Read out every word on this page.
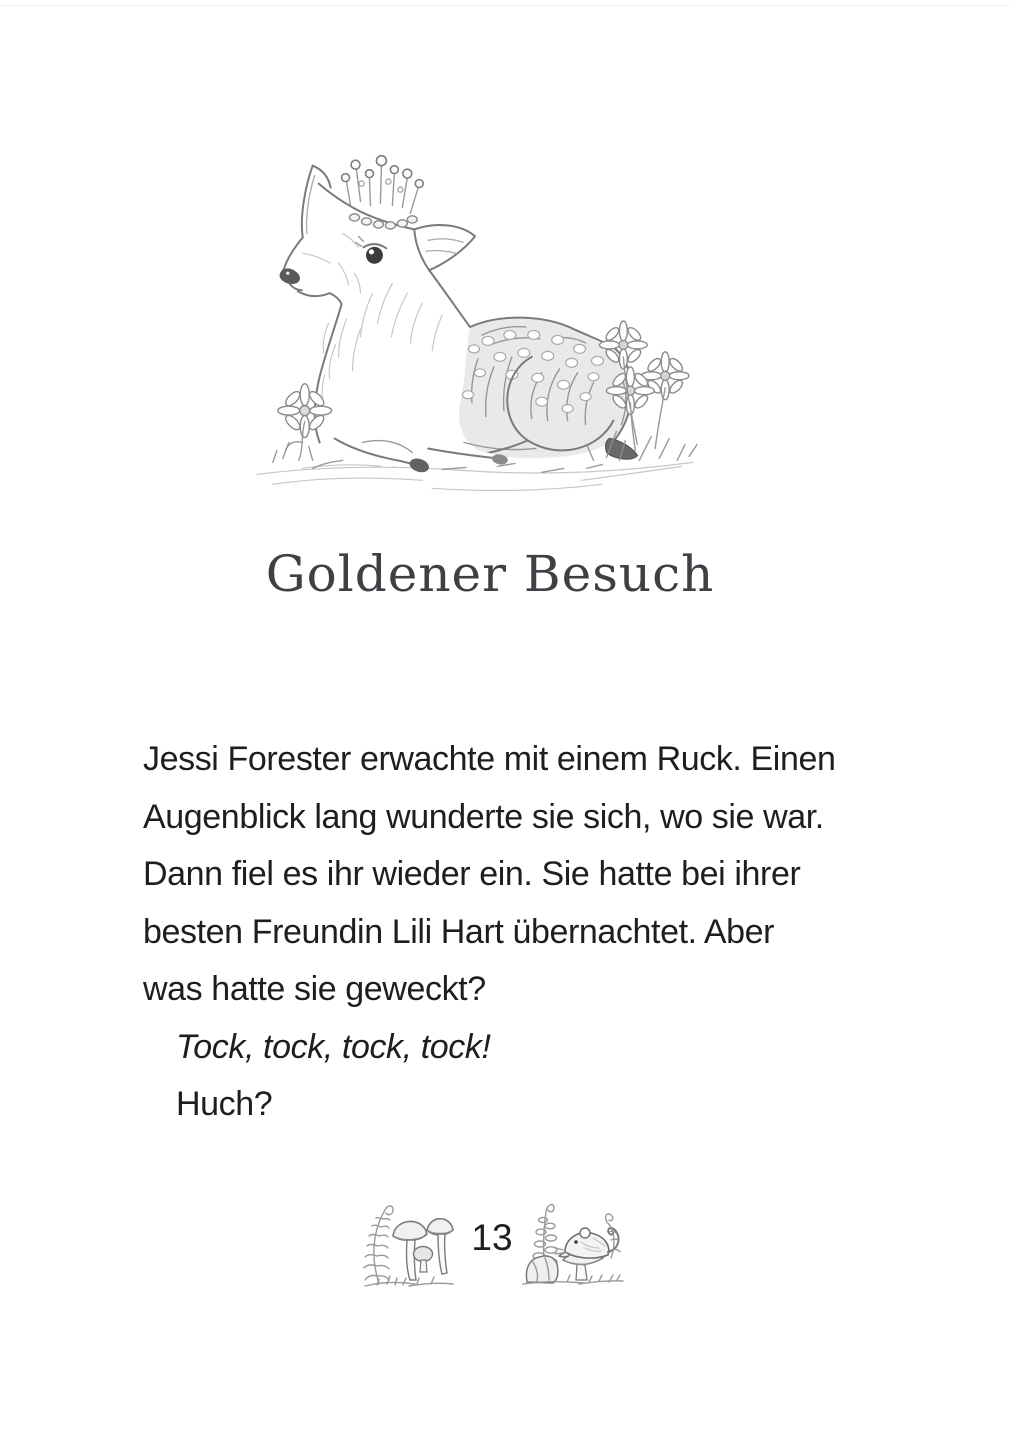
Goldener Besuch
Jessi Forester erwachte mit einem Ruck. Einen
Augenblick lang wunderte sie sich, wo sie war.
Dann fiel es ihr wieder ein. Sie hatte bei ihrer
besten Freundin Lili Hart übernachtet. Aber
was hatte sie geweckt?
Tock, tock, tock, tock!
Huch?
13
